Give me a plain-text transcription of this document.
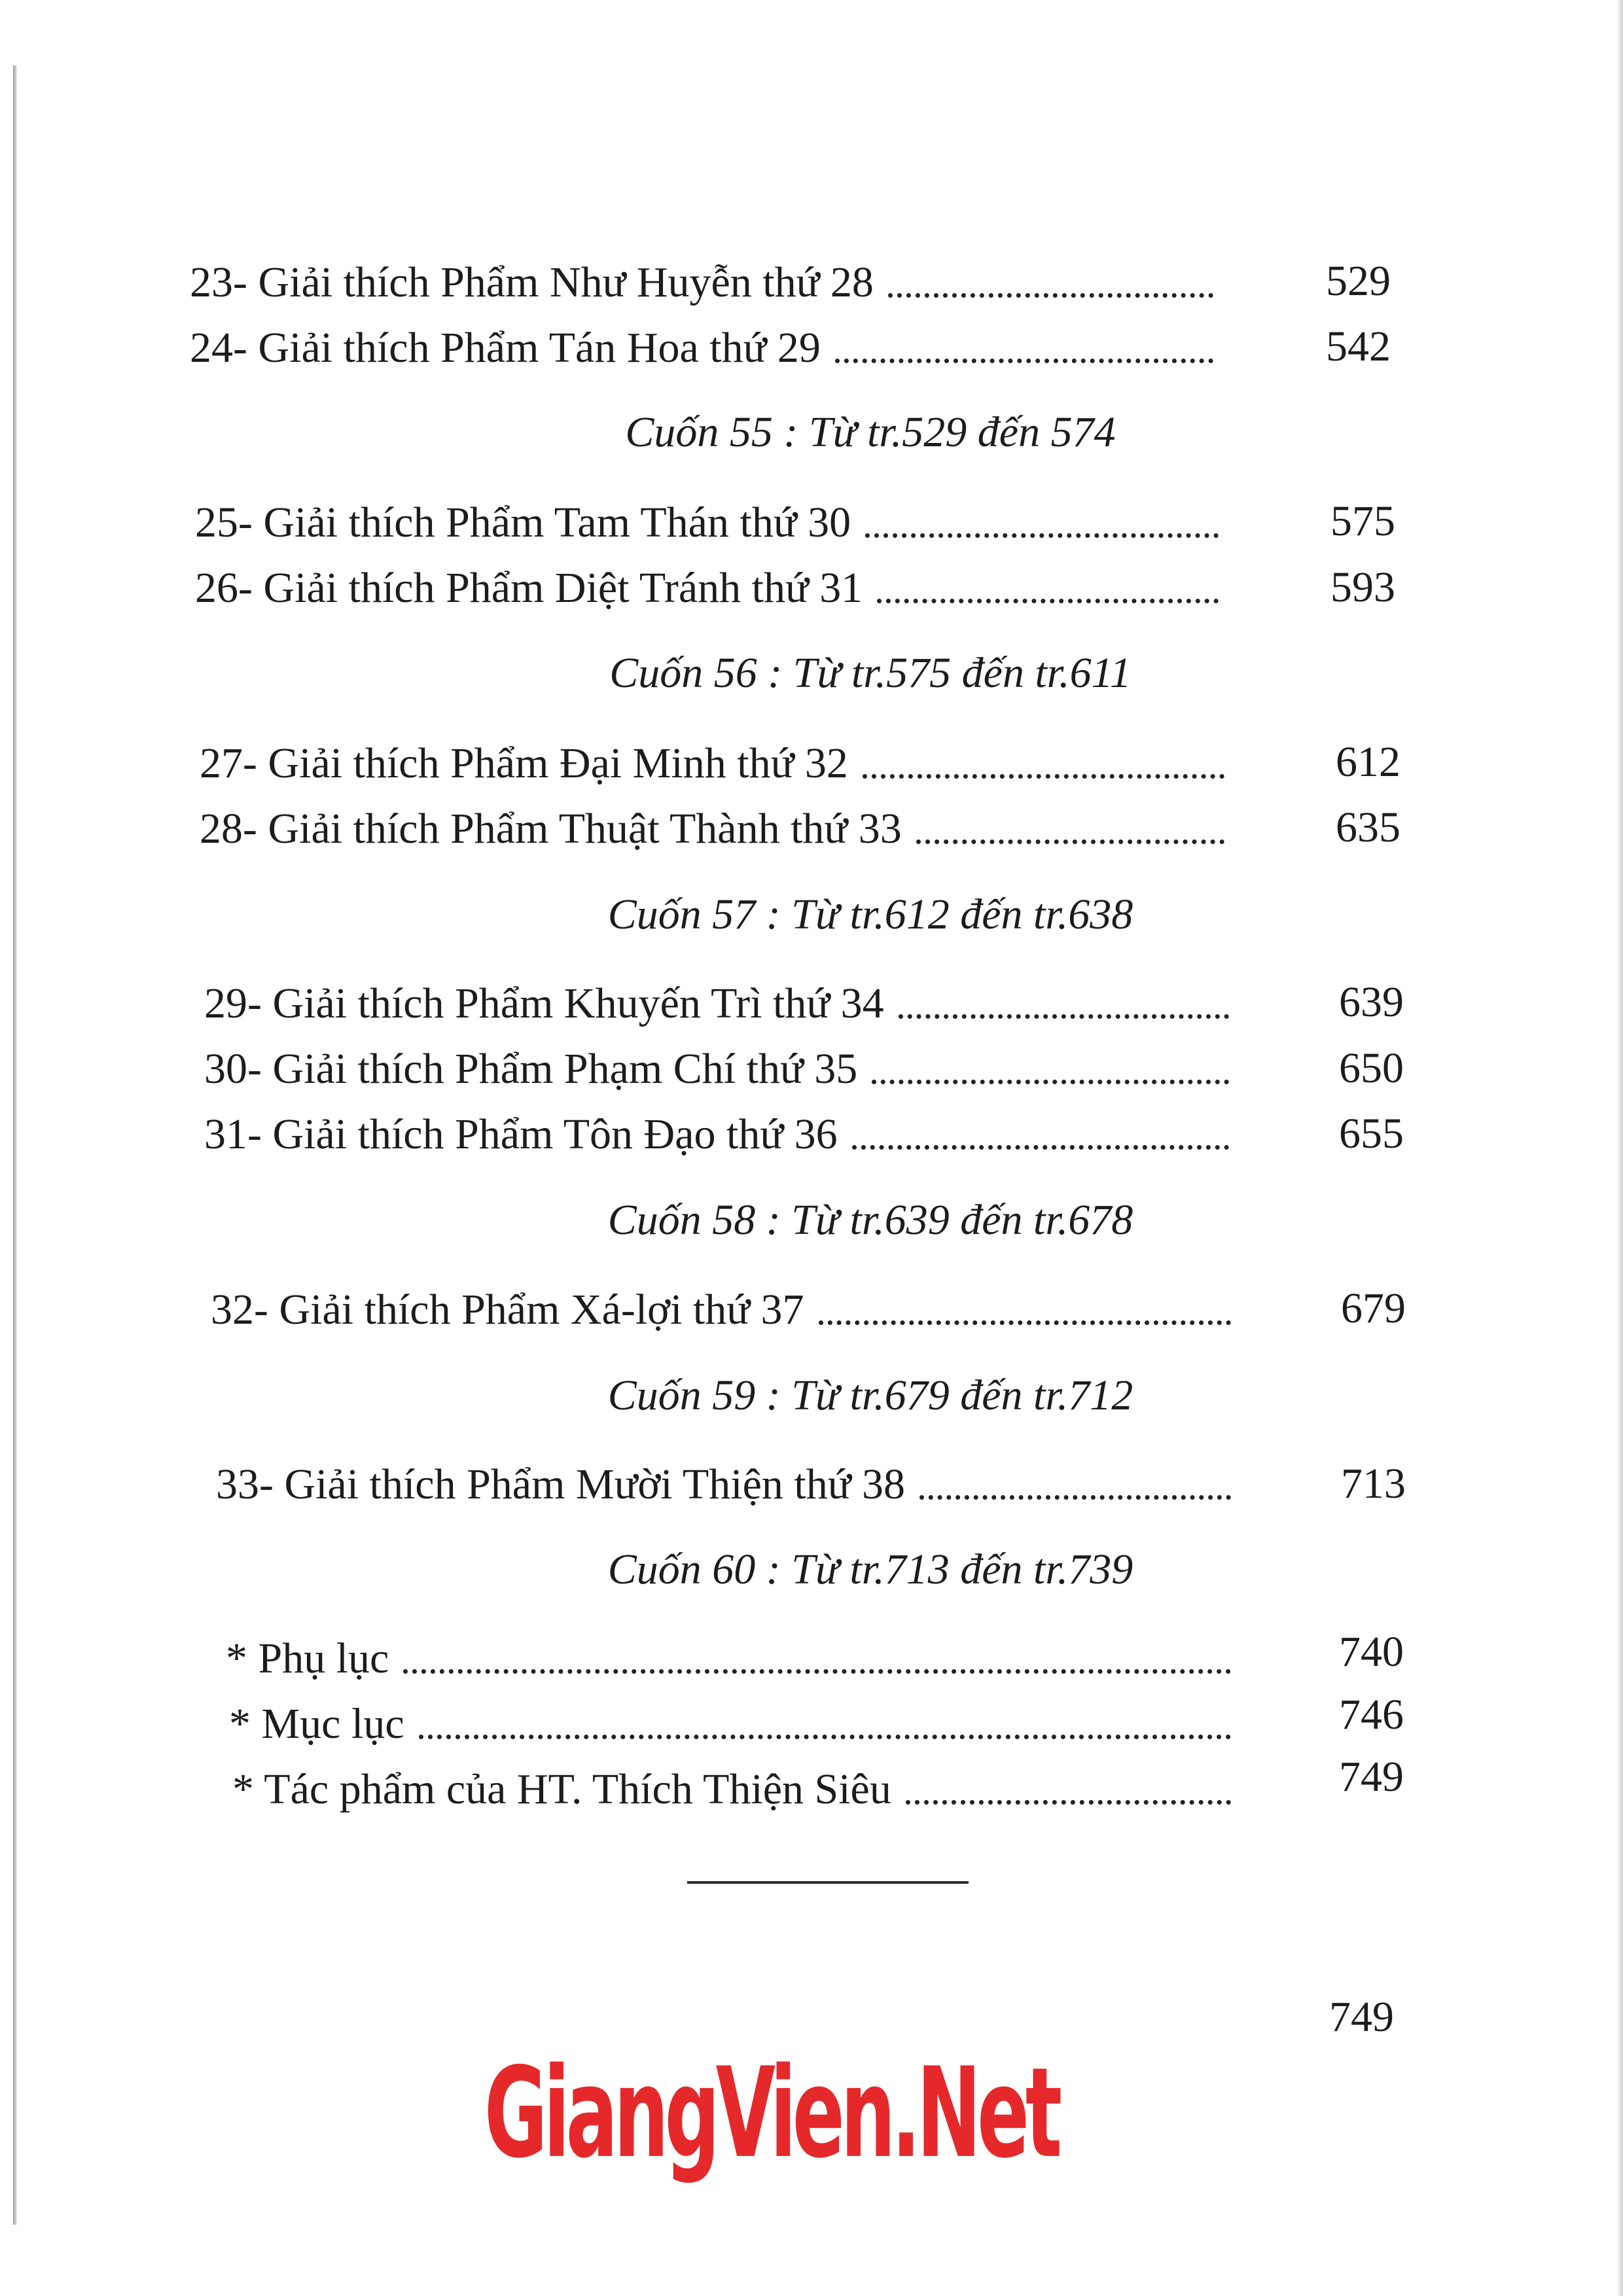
23- Giải thích Phẩm Như Huyễn thứ 28	529
24- Giải thích Phẩm Tán Hoa thứ 29	542
Cuốn 55 : Từ tr.529 đến 574
25- Giải thích Phẩm Tam Thán thứ 30	575
26- Giải thích Phẩm Diệt Tránh thứ 31	593
Cuốn 56 : Từ tr.575 đến tr.611
27- Giải thích Phẩm Đại Minh thứ 32	612
28- Giải thích Phẩm Thuật Thành thứ 33	635
Cuốn 57 : Từ tr.612 đến tr.638
29- Giải thích Phẩm Khuyến Trì thứ 34	639
30- Giải thích Phẩm Phạm Chí thứ 35	650
31- Giải thích Phẩm Tôn Đạo thứ 36	655
Cuốn 58 : Từ tr.639 đến tr.678
32- Giải thích Phẩm Xá-lợi thứ 37	679
Cuốn 59 : Từ tr.679 đến tr.712
33- Giải thích Phẩm Mười Thiện thứ 38	713
Cuốn 60 : Từ tr.713 đến tr.739
* Phụ lục	740
* Mục lục	746
* Tác phẩm của HT. Thích Thiện Siêu	749
749
GiangVien.Net
